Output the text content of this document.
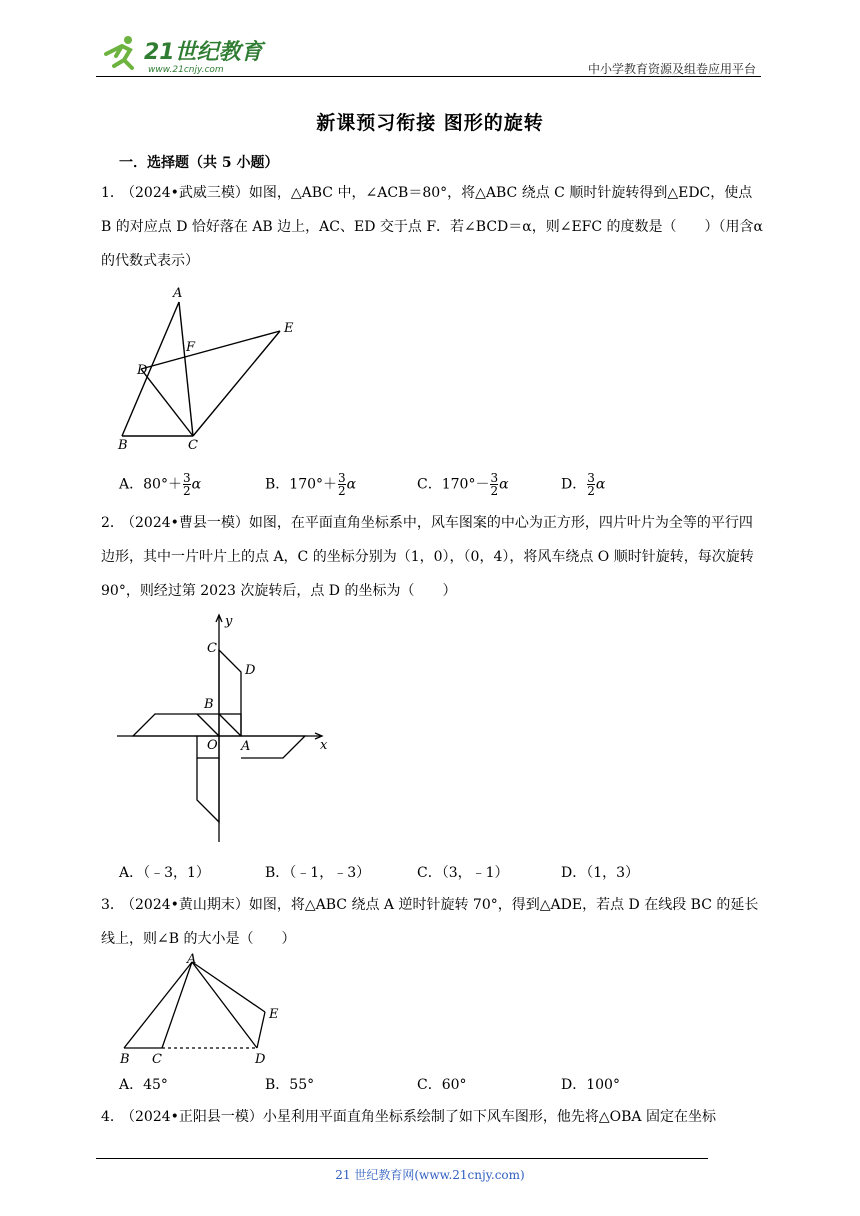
21世纪教育
www.21cnjy.com	中小学教育资源及组卷应用平台
新课预习衔接 图形的旋转
一．选择题（共 5 小题）
1．（2024•武威三模）如图，△ABC 中，∠ACB＝80°，将△ABC 绕点 C 顺时针旋转得到△EDC，使点 B 的对应点 D 恰好落在 AB 边上，AC、ED 交于点 F．若∠BCD＝α，则∠EFC 的度数是（　　）（用含α的代数式表示）
A
E
F
D
B	C
A．$80^\circ+ \frac{3}{2}$ α	B．$170^\circ+ \frac{3}{2}$ α	C．$170^\circ- \frac{3}{2}$ α	D． $\frac{3}{2}$ α
2．（2024•曹县一模）如图，在平面直角坐标系中，风车图案的中心为正方形，四片叶片为全等的平行四边形，其中一片叶片上的点 A，C 的坐标分别为（1，0），（0，4），将风车绕点 O 顺时针旋转，每次旋转 90°，则经过第 2023 次旋转后，点 D 的坐标为（　　）
y
C
D
B
O A	x
A．（﹣3，1）	B．（﹣1，﹣3）	C．（3，﹣1）	D．（1，3）
3．（2024•黄山期末）如图，将△ABC 绕点 A 逆时针旋转 70°，得到△ADE，若点 D 在线段 BC 的延长线上，则∠B 的大小是（　　）
A
E
B C	D
A．45°	B．55°	C．60°	D．100°
4．（2024•正阳县一模）小星利用平面直角坐标系绘制了如下风车图形，他先将△OBA 固定在坐标
21 世纪教育网(www.21cnjy.com)
